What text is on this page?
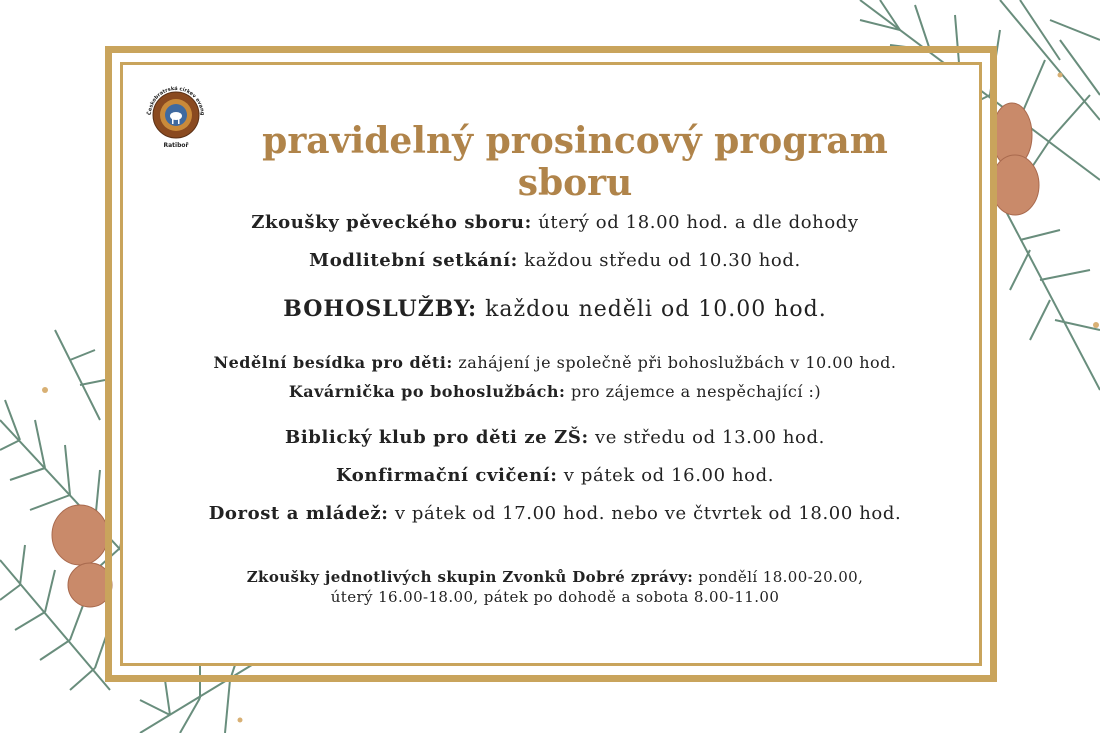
Českobratrská církev evang
Ratiboř	pravidelný prosincový program sboru
Zkoušky pěveckého sboru: úterý od 18.00 hod. a dle dohody
Modlitební setkání: každou středu od 10.30 hod.
BOHOSLUŽBY: každou neděli od 10.00 hod.
Nedělní besídka pro děti: zahájení je společně při bohoslužbách v 10.00 hod.
Kavárnička po bohoslužbách: pro zájemce a nespěchající :)
Biblický klub pro děti ze ZŠ: ve středu od 13.00 hod.
Konfirmační cvičení: v pátek od 16.00 hod.
Dorost a mládež: v pátek od 17.00 hod. nebo ve čtvrtek od 18.00 hod.
Zkoušky jednotlivých skupin Zvonků Dobré zprávy: pondělí 18.00-20.00,
úterý 16.00-18.00, pátek po dohodě a sobota 8.00-11.00
